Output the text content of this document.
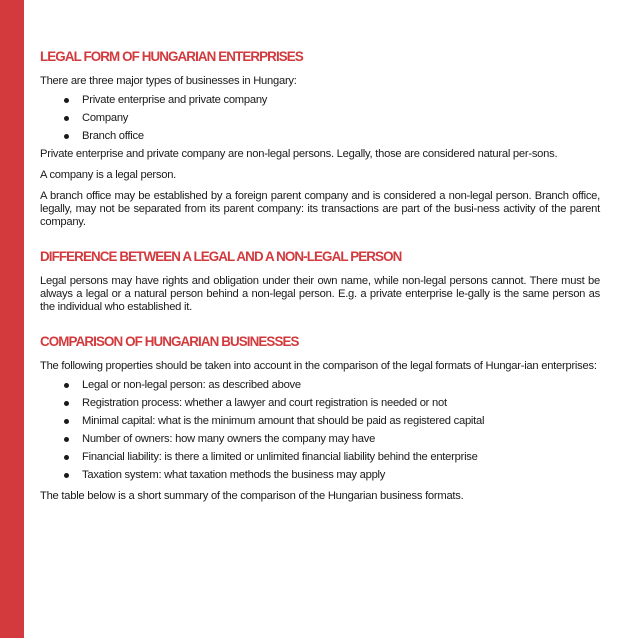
LEGAL FORM OF HUNGARIAN ENTERPRISES

There are three major types of businesses in Hungary:

Private enterprise and private company
Company
Branch office

Private enterprise and private company are non-legal persons. Legally, those are considered natural per-sons.

A company is a legal person.

A branch office may be established by a foreign parent company and is considered a non-legal person. Branch office, legally, may not be separated from its parent company: its transactions are part of the busi-ness activity of the parent company.

DIFFERENCE BETWEEN A LEGAL AND A NON-LEGAL PERSON

Legal persons may have rights and obligation under their own name, while non-legal persons cannot. There must be always a legal or a natural person behind a non-legal person. E.g. a private enterprise le-gally is the same person as the individual who established it.

COMPARISON OF HUNGARIAN BUSINESSES

The following properties should be taken into account in the comparison of the legal formats of Hungar-ian enterprises:

Legal or non-legal person: as described above
Registration process: whether a lawyer and court registration is needed or not
Minimal capital: what is the minimum amount that should be paid as registered capital
Number of owners: how many owners the company may have
Financial liability: is there a limited or unlimited financial liability behind the enterprise
Taxation system: what taxation methods the business may apply

The table below is a short summary of the comparison of the Hungarian business formats.
